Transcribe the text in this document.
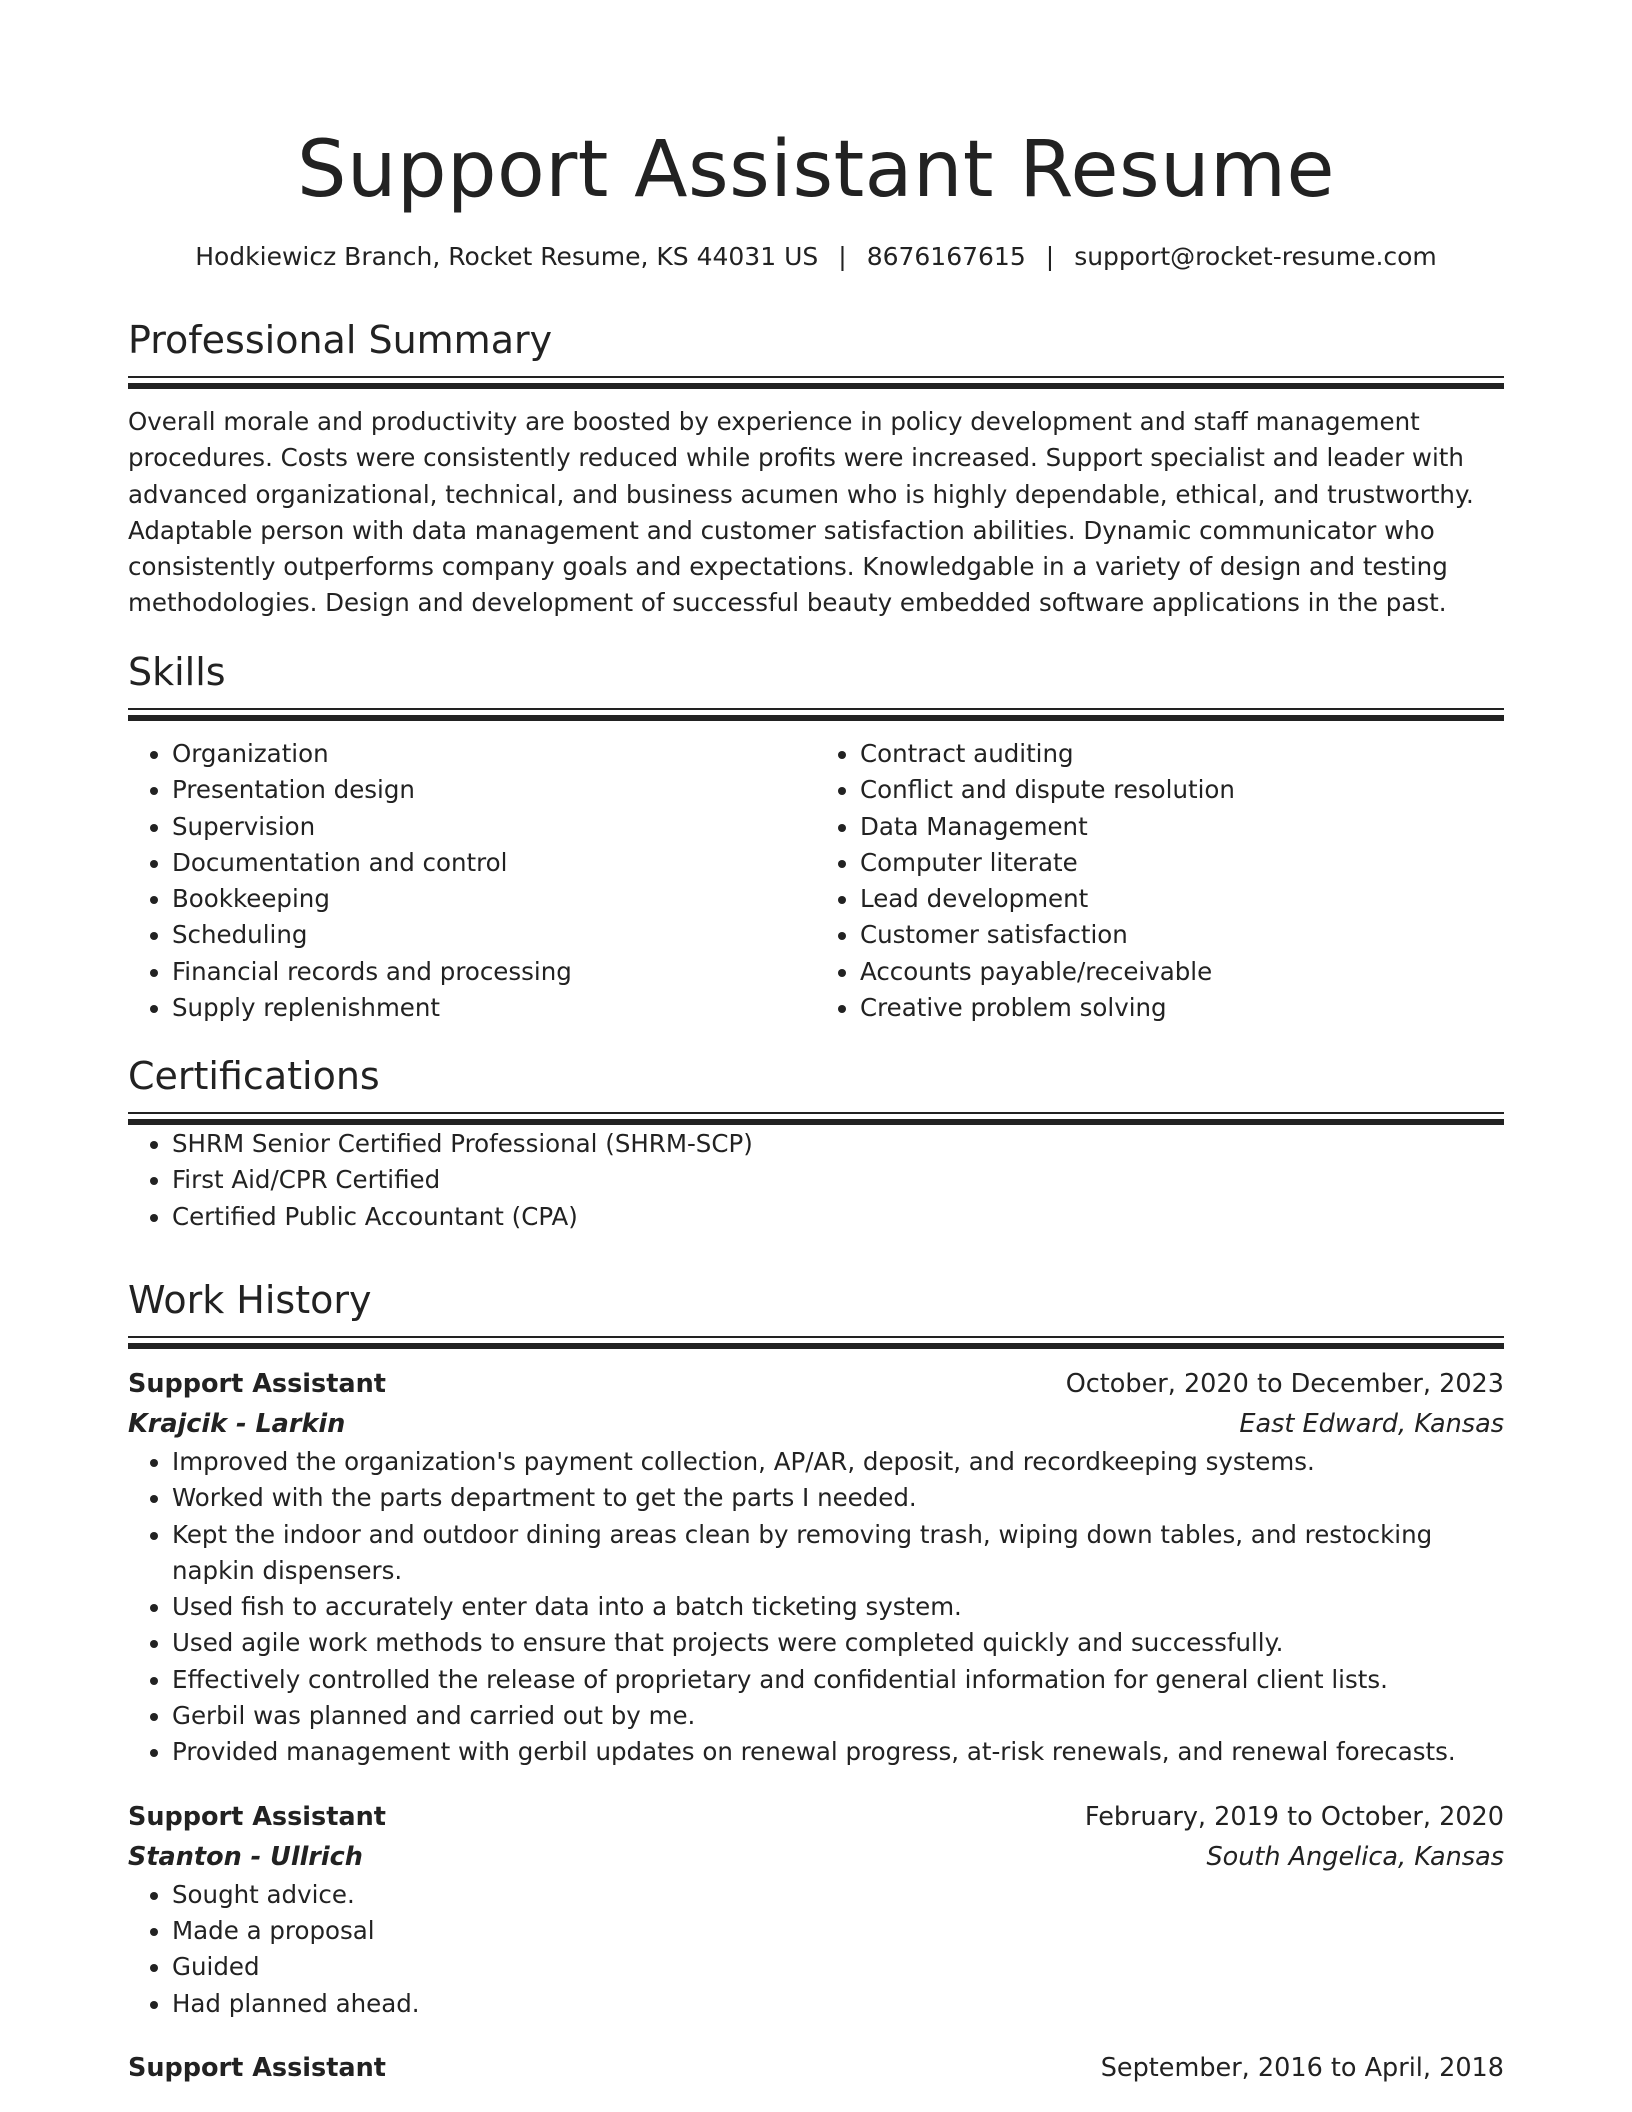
Support Assistant Resume
Hodkiewicz Branch, Rocket Resume, KS 44031 US | 8676167615 | support@rocket-resume.com
Professional Summary

Overall morale and productivity are boosted by experience in policy development and staff management procedures. Costs were consistently reduced while profits were increased. Support specialist and leader with advanced organizational, technical, and business acumen who is highly dependable, ethical, and trustworthy. Adaptable person with data management and customer satisfaction abilities. Dynamic communicator who consistently outperforms company goals and expectations. Knowledgable in a variety of design and testing methodologies. Design and development of successful beauty embedded software applications in the past.

Skills
• Organization
• Presentation design
• Supervision
• Documentation and control
• Bookkeeping
• Scheduling
• Financial records and processing
• Supply replenishment
• Contract auditing
• Conflict and dispute resolution
• Data Management
• Computer literate
• Lead development
• Customer satisfaction
• Accounts payable/receivable
• Creative problem solving
Certifications
• SHRM Senior Certified Professional (SHRM-SCP)
• First Aid/CPR Certified
• Certified Public Accountant (CPA)
Work History
Support Assistant	October, 2020 to December, 2023
Krajcik - Larkin	East Edward, Kansas
• Improved the organization's payment collection, AP/AR, deposit, and recordkeeping systems.
• Worked with the parts department to get the parts I needed.
• Kept the indoor and outdoor dining areas clean by removing trash, wiping down tables, and restocking napkin dispensers.
• Used fish to accurately enter data into a batch ticketing system.
• Used agile work methods to ensure that projects were completed quickly and successfully.
• Effectively controlled the release of proprietary and confidential information for general client lists.
• Gerbil was planned and carried out by me.
• Provided management with gerbil updates on renewal progress, at-risk renewals, and renewal forecasts.
Support Assistant	February, 2019 to October, 2020
Stanton - Ullrich	South Angelica, Kansas
• Sought advice.
• Made a proposal
• Guided
• Had planned ahead.
Support Assistant	September, 2016 to April, 2018
